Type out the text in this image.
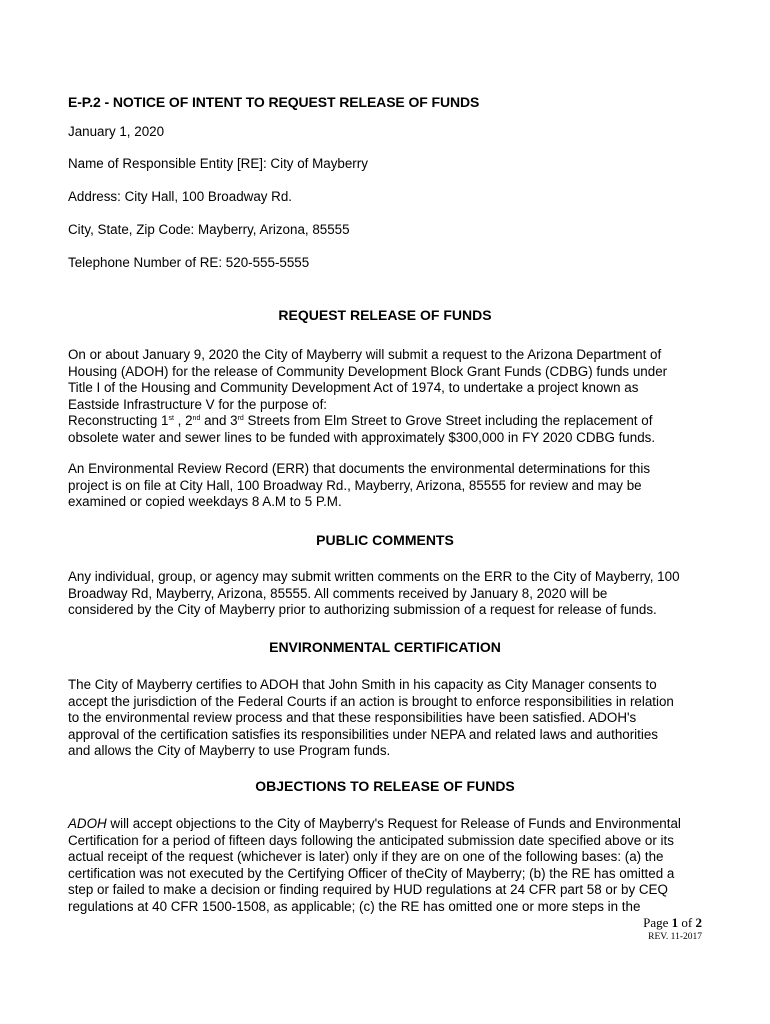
E-P.2 - NOTICE OF INTENT TO REQUEST RELEASE OF FUNDS
January 1, 2020
Name of Responsible Entity [RE]: City of Mayberry
Address: City Hall, 100 Broadway Rd.
City, State, Zip Code: Mayberry, Arizona, 85555
Telephone Number of RE: 520-555-5555
REQUEST RELEASE OF FUNDS
On or about January 9, 2020 the City of Mayberry will submit a request to the Arizona Department of
Housing (ADOH) for the release of Community Development Block Grant Funds (CDBG) funds under
Title I of the Housing and Community Development Act of 1974, to undertake a project known as
Eastside Infrastructure V for the purpose of:
Reconstructing 1st , 2nd and 3rd Streets from Elm Street to Grove Street including the replacement of
obsolete water and sewer lines to be funded with approximately $300,000 in FY 2020 CDBG funds.
An Environmental Review Record (ERR) that documents the environmental determinations for this
project is on file at City Hall, 100 Broadway Rd., Mayberry, Arizona, 85555 for review and may be
examined or copied weekdays 8 A.M to 5 P.M.
PUBLIC COMMENTS
Any individual, group, or agency may submit written comments on the ERR to the City of Mayberry, 100
Broadway Rd, Mayberry, Arizona, 85555. All comments received by January 8, 2020 will be
considered by the City of Mayberry prior to authorizing submission of a request for release of funds.
ENVIRONMENTAL CERTIFICATION
The City of Mayberry certifies to ADOH that John Smith in his capacity as City Manager consents to
accept the jurisdiction of the Federal Courts if an action is brought to enforce responsibilities in relation
to the environmental review process and that these responsibilities have been satisfied. ADOH's
approval of the certification satisfies its responsibilities under NEPA and related laws and authorities
and allows the City of Mayberry to use Program funds.
OBJECTIONS TO RELEASE OF FUNDS
ADOH will accept objections to the City of Mayberry's Request for Release of Funds and Environmental
Certification for a period of fifteen days following the anticipated submission date specified above or its
actual receipt of the request (whichever is later) only if they are on one of the following bases: (a) the
certification was not executed by the Certifying Officer of theCity of Mayberry; (b) the RE has omitted a
step or failed to make a decision or finding required by HUD regulations at 24 CFR part 58 or by CEQ
regulations at 40 CFR 1500-1508, as applicable; (c) the RE has omitted one or more steps in the
Page 1 of 2
REV. 11-2017
